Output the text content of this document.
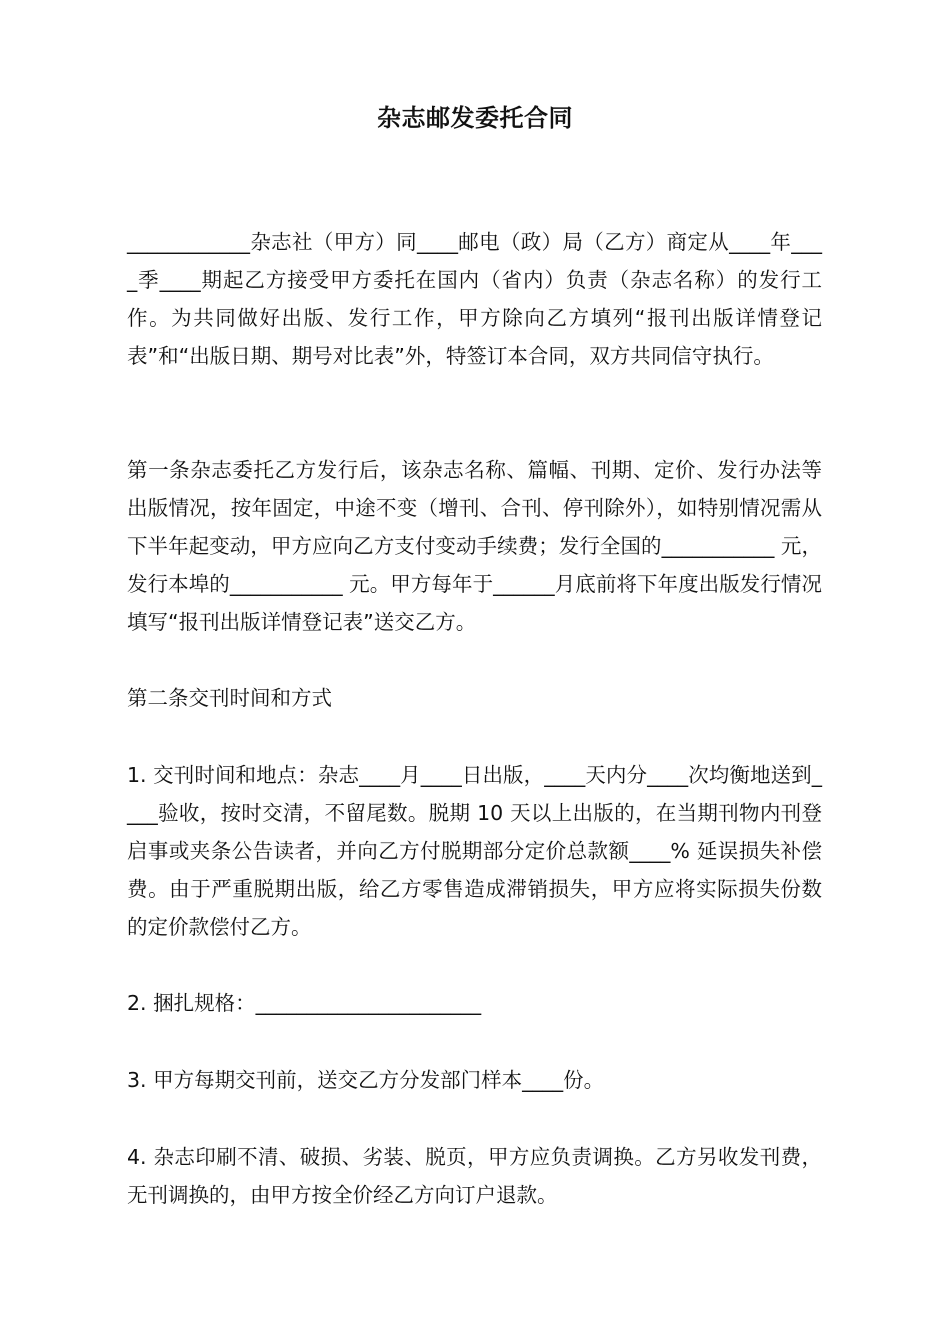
杂志邮发委托合同

____________杂志社（甲方）同____邮电（政）局（乙方）商定从____年____季____期起乙方接受甲方委托在国内（省内）负责（杂志名称）的发行工作。为共同做好出版、发行工作，甲方除向乙方填列“报刊出版详情登记表”和“出版日期、期号对比表”外，特签订本合同，双方共同信守执行。

第一条杂志委托乙方发行后，该杂志名称、篇幅、刊期、定价、发行办法等出版情况，按年固定，中途不变（增刊、合刊、停刊除外），如特别情况需从下半年起变动，甲方应向乙方支付变动手续费；发行全国的___________ 元，发行本埠的___________ 元。甲方每年于______月底前将下年度出版发行情况填写“报刊出版详情登记表”送交乙方。

第二条交刊时间和方式

1. 交刊时间和地点：杂志____月____日出版，____天内分____次均衡地送到____验收，按时交清，不留尾数。脱期 10 天以上出版的，在当期刊物内刊登启事或夹条公告读者，并向乙方付脱期部分定价总款额____% 延误损失补偿费。由于严重脱期出版，给乙方零售造成滞销损失，甲方应将实际损失份数的定价款偿付乙方。

2. 捆扎规格：______________________

3. 甲方每期交刊前，送交乙方分发部门样本____份。

4. 杂志印刷不清、破损、劣装、脱页，甲方应负责调换。乙方另收发刊费，无刊调换的，由甲方按全价经乙方向订户退款。
